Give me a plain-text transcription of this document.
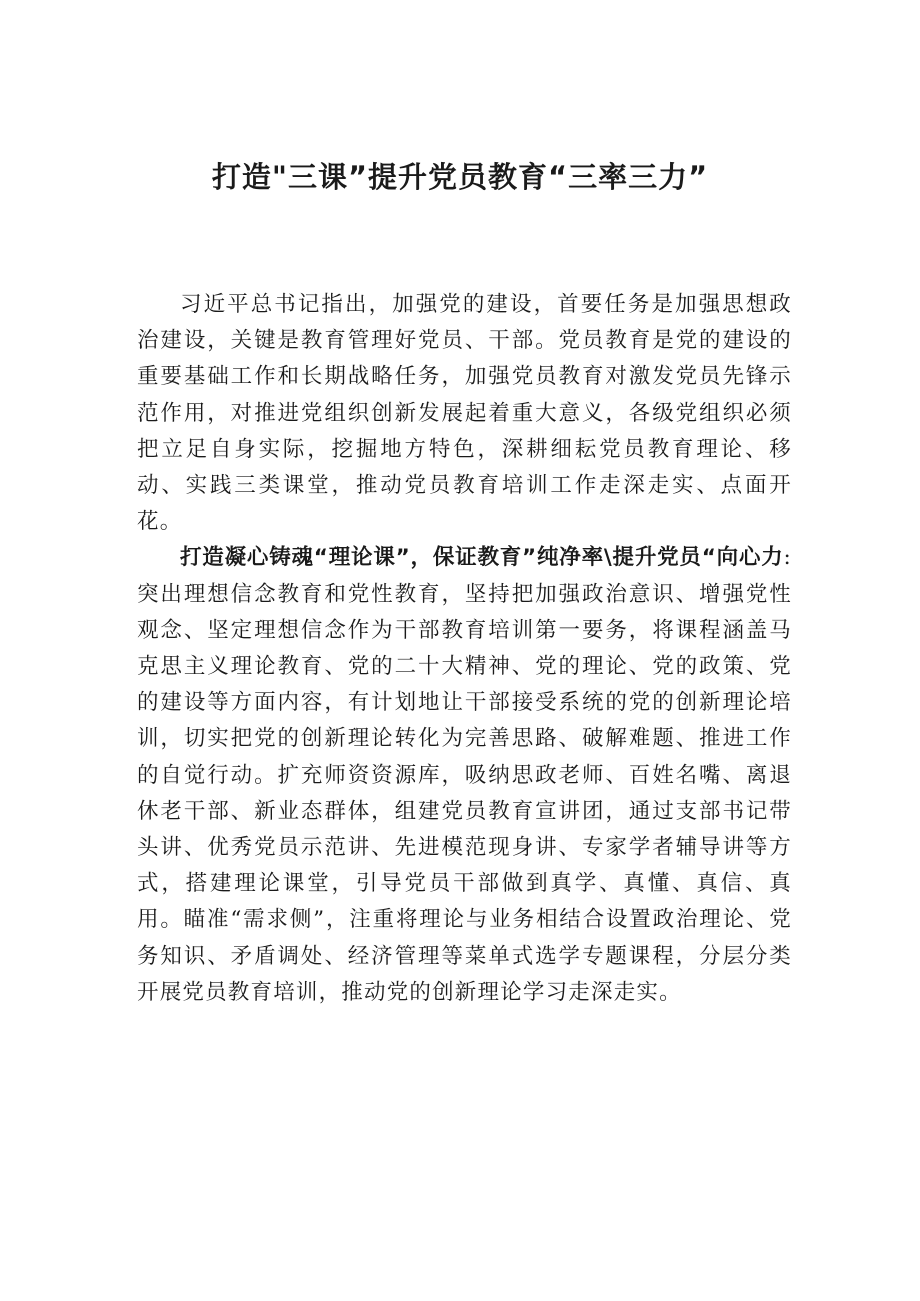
打造"三课”提升党员教育“三率三力”

习近平总书记指出，加强党的建设，首要任务是加强思想政治建设，关键是教育管理好党员、干部。党员教育是党的建设的重要基础工作和长期战略任务，加强党员教育对激发党员先锋示范作用，对推进党组织创新发展起着重大意义，各级党组织必须把立足自身实际，挖掘地方特色，深耕细耘党员教育理论、移动、实践三类课堂，推动党员教育培训工作走深走实、点面开花。

打造凝心铸魂“理论课”，保证教育”纯净率\提升党员“向心力:突出理想信念教育和党性教育，坚持把加强政治意识、增强党性观念、坚定理想信念作为干部教育培训第一要务，将课程涵盖马克思主义理论教育、党的二十大精神、党的理论、党的政策、党的建设等方面内容，有计划地让干部接受系统的党的创新理论培训，切实把党的创新理论转化为完善思路、破解难题、推进工作的自觉行动。扩充师资资源库，吸纳思政老师、百姓名嘴、离退休老干部、新业态群体，组建党员教育宣讲团，通过支部书记带头讲、优秀党员示范讲、先进模范现身讲、专家学者辅导讲等方式，搭建理论课堂，引导党员干部做到真学、真懂、真信、真用。瞄准“需求侧”，注重将理论与业务相结合设置政治理论、党务知识、矛盾调处、经济管理等菜单式选学专题课程，分层分类开展党员教育培训，推动党的创新理论学习走深走实。
